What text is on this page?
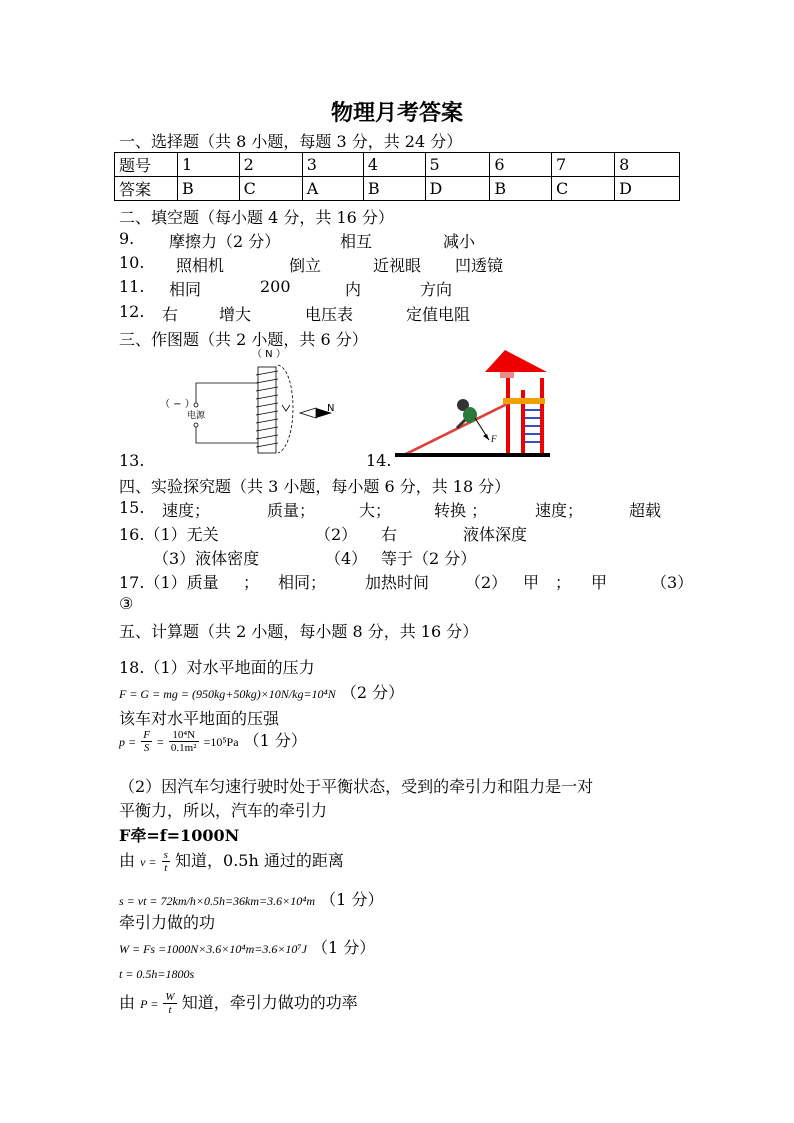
物理月考答案
一、选择题（共 8 小题，每题 3 分，共 24 分）
题号	1	2	3	4	5	6	7	8
答案	B	C	A	B	D	B	C	D
二、填空题（每小题 4 分，共 16 分）
9. 摩擦力（2 分）	相互	减小
10. 照相机	倒立	近视眼 凹透镜
11. 相同	200	内	方向
12. 右	增大	电压表	定值电阻
三、作图题（共 2 小题，共 6 分）
（ N ）
（ − ）
电源
N
13.
F
14.
四、实验探究题（共 3 小题，每小题 6 分，共 18 分）
15. 速度；	质量；	大；	转换 ；	速度；	超载
16.（1）无关	（2） 右	液体深度
（3）液体密度	（4） 等于（2 分）
17.（1）质量 ； 相同； 加热时间 （2） 甲 ； 甲	（3）
③
五、计算题（共 2 小题，每小题 8 分，共 16 分）
18.（1）对水平地面的压力
F = G = mg = (950kg+50kg)×10N/kg=10⁴N （2 分）
该车对水平地面的压强
$p = \frac{F}{S} = \frac{\text{10⁴N}}{\text{0.1m²}} =10^5Pa$ （1 分）
（2）因汽车匀速行驶时处于平衡状态，受到的牵引力和阻力是一对
平衡力，所以，汽车的牵引力
F牵=f=1000N
由 $v = \frac{s}{t}$ 知道，0.5h 通过的距离
s = vt = 72km/h×0.5h=36km=3.6×10⁴m （1 分）
牵引力做的功
W = Fs =1000N×3.6×10⁴m=3.6×10⁷J （1 分）
t = 0.5h=1800s
由 $P = \frac{W}{t}$ 知道，牵引力做功的功率
